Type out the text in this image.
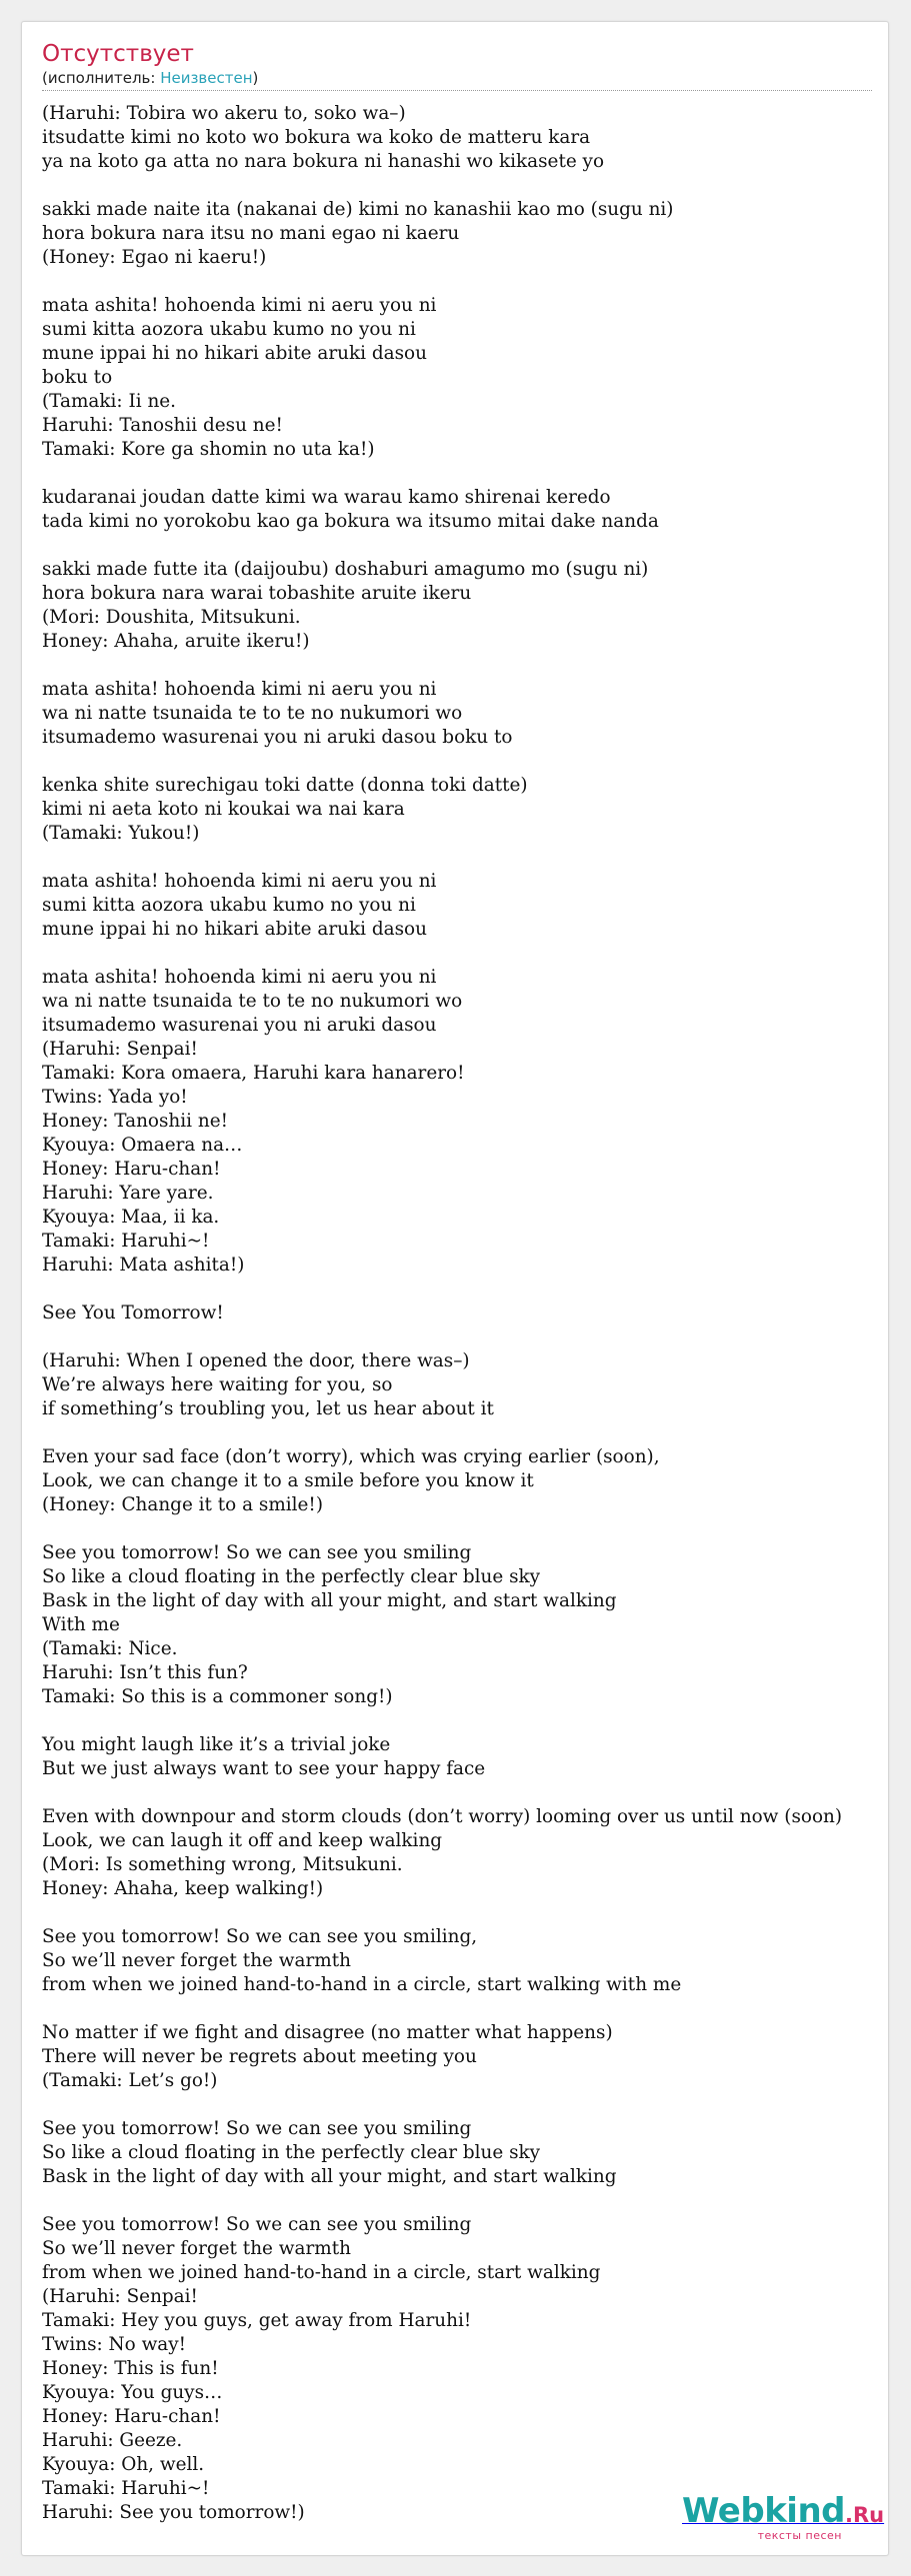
Отсутствует
(исполнитель: Неизвестен)
(Haruhi: Tobira wo akeru to, soko wa–)
itsudatte kimi no koto wo bokura wa koko de matteru kara
ya na koto ga atta no nara bokura ni hanashi wo kikasete yo
sakki made naite ita (nakanai de) kimi no kanashii kao mo (sugu ni)
hora bokura nara itsu no mani egao ni kaeru
(Honey: Egao ni kaeru!)
mata ashita! hohoenda kimi ni aeru you ni
sumi kitta aozora ukabu kumo no you ni
mune ippai hi no hikari abite aruki dasou
boku to
(Tamaki: Ii ne.
Haruhi: Tanoshii desu ne!
Tamaki: Kore ga shomin no uta ka!)
kudaranai joudan datte kimi wa warau kamo shirenai keredo
tada kimi no yorokobu kao ga bokura wa itsumo mitai dake nanda
sakki made futte ita (daijoubu) doshaburi amagumo mo (sugu ni)
hora bokura nara warai tobashite aruite ikeru
(Mori: Doushita, Mitsukuni.
Honey: Ahaha, aruite ikeru!)
mata ashita! hohoenda kimi ni aeru you ni
wa ni natte tsunaida te to te no nukumori wo
itsumademo wasurenai you ni aruki dasou boku to
kenka shite surechigau toki datte (donna toki datte)
kimi ni aeta koto ni koukai wa nai kara
(Tamaki: Yukou!)
mata ashita! hohoenda kimi ni aeru you ni
sumi kitta aozora ukabu kumo no you ni
mune ippai hi no hikari abite aruki dasou
mata ashita! hohoenda kimi ni aeru you ni
wa ni natte tsunaida te to te no nukumori wo
itsumademo wasurenai you ni aruki dasou
(Haruhi: Senpai!
Tamaki: Kora omaera, Haruhi kara hanarero!
Twins: Yada yo!
Honey: Tanoshii ne!
Kyouya: Omaera na…
Honey: Haru-chan!
Haruhi: Yare yare.
Kyouya: Maa, ii ka.
Tamaki: Haruhi~!
Haruhi: Mata ashita!)
See You Tomorrow!
(Haruhi: When I opened the door, there was–)
We’re always here waiting for you, so
if something’s troubling you, let us hear about it
Even your sad face (don’t worry), which was crying earlier (soon),
Look, we can change it to a smile before you know it
(Honey: Change it to a smile!)
See you tomorrow! So we can see you smiling
So like a cloud floating in the perfectly clear blue sky
Bask in the light of day with all your might, and start walking
With me
(Tamaki: Nice.
Haruhi: Isn’t this fun?
Tamaki: So this is a commoner song!)
You might laugh like it’s a trivial joke
But we just always want to see your happy face
Even with downpour and storm clouds (don’t worry) looming over us until now (soon)
Look, we can laugh it off and keep walking
(Mori: Is something wrong, Mitsukuni.
Honey: Ahaha, keep walking!)
See you tomorrow! So we can see you smiling,
So we’ll never forget the warmth
from when we joined hand-to-hand in a circle, start walking with me
No matter if we fight and disagree (no matter what happens)
There will never be regrets about meeting you
(Tamaki: Let’s go!)
See you tomorrow! So we can see you smiling
So like a cloud floating in the perfectly clear blue sky
Bask in the light of day with all your might, and start walking
See you tomorrow! So we can see you smiling
So we’ll never forget the warmth
from when we joined hand-to-hand in a circle, start walking
(Haruhi: Senpai!
Tamaki: Hey you guys, get away from Haruhi!
Twins: No way!
Honey: This is fun!
Kyouya: You guys…
Honey: Haru-chan!
Haruhi: Geeze.
Kyouya: Oh, well.
Tamaki: Haruhi~!
Haruhi: See you tomorrow!)	Webkind.Ru
тексты песен
